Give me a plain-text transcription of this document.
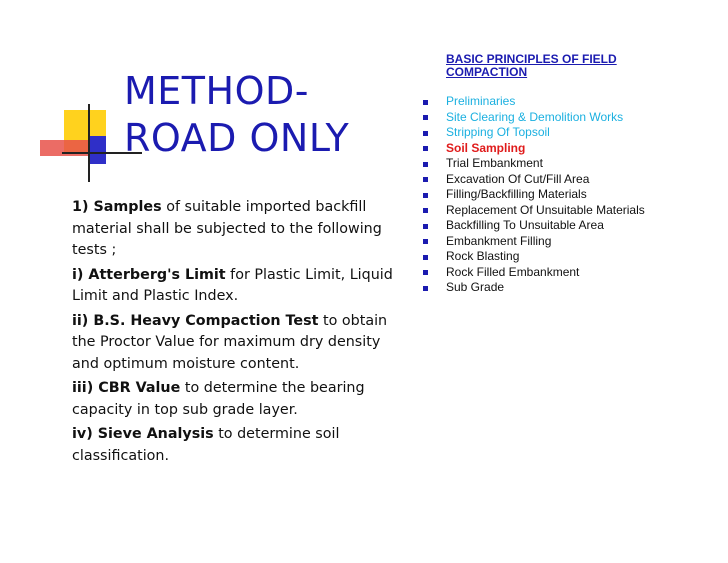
METHOD-
ROAD ONLY

1) Samples of suitable imported backfill material shall be subjected to the following tests ;

i) Atterberg's Limit for Plastic Limit, Liquid Limit and Plastic Index.

ii) B.S. Heavy Compaction Test to obtain the Proctor Value for maximum dry density and optimum moisture content.

iii) CBR Value to determine the bearing capacity in top sub grade layer.

iv) Sieve Analysis to determine soil classification.

BASIC PRINCIPLES OF FIELD
COMPACTION
Preliminaries
Site Clearing & Demolition Works
Stripping Of Topsoil
Soil Sampling
Trial Embankment
Excavation Of Cut/Fill Area
Filling/Backfilling Materials
Replacement Of Unsuitable Materials
Backfilling To Unsuitable Area
Embankment Filling
Rock Blasting
Rock Filled Embankment
Sub Grade
